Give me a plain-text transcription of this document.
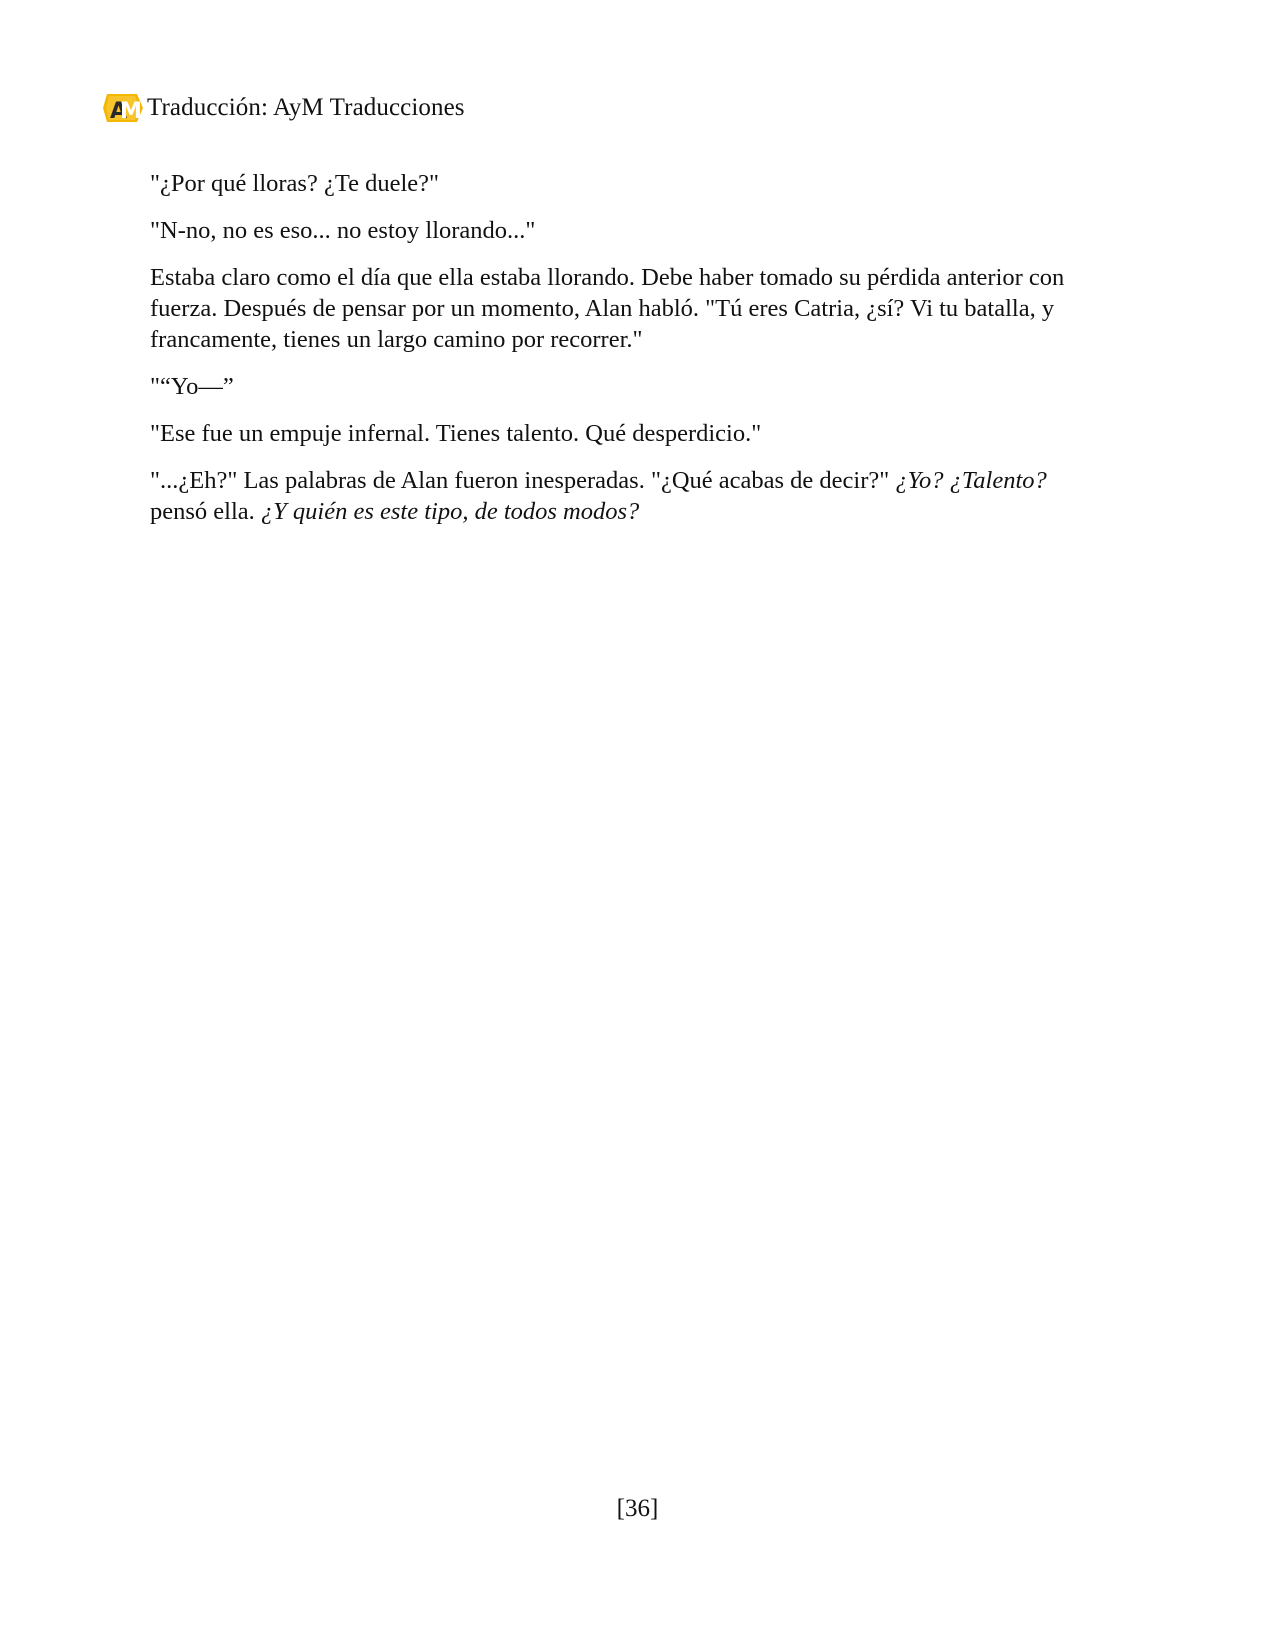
A
M Traducción: AyM Traducciones

"¿Por qué lloras? ¿Te duele?"

"N-no, no es eso... no estoy llorando..."

Estaba claro como el día que ella estaba llorando. Debe haber tomado su pérdida anterior con fuerza. Después de pensar por un momento, Alan habló. "Tú eres Catria, ¿sí? Vi tu batalla, y francamente, tienes un largo camino por recorrer."

"“Yo—”

"Ese fue un empuje infernal. Tienes talento. Qué desperdicio."

"...¿Eh?" Las palabras de Alan fueron inesperadas. "¿Qué acabas de decir?" ¿Yo? ¿Talento? pensó ella. ¿Y quién es este tipo, de todos modos?

[36]
